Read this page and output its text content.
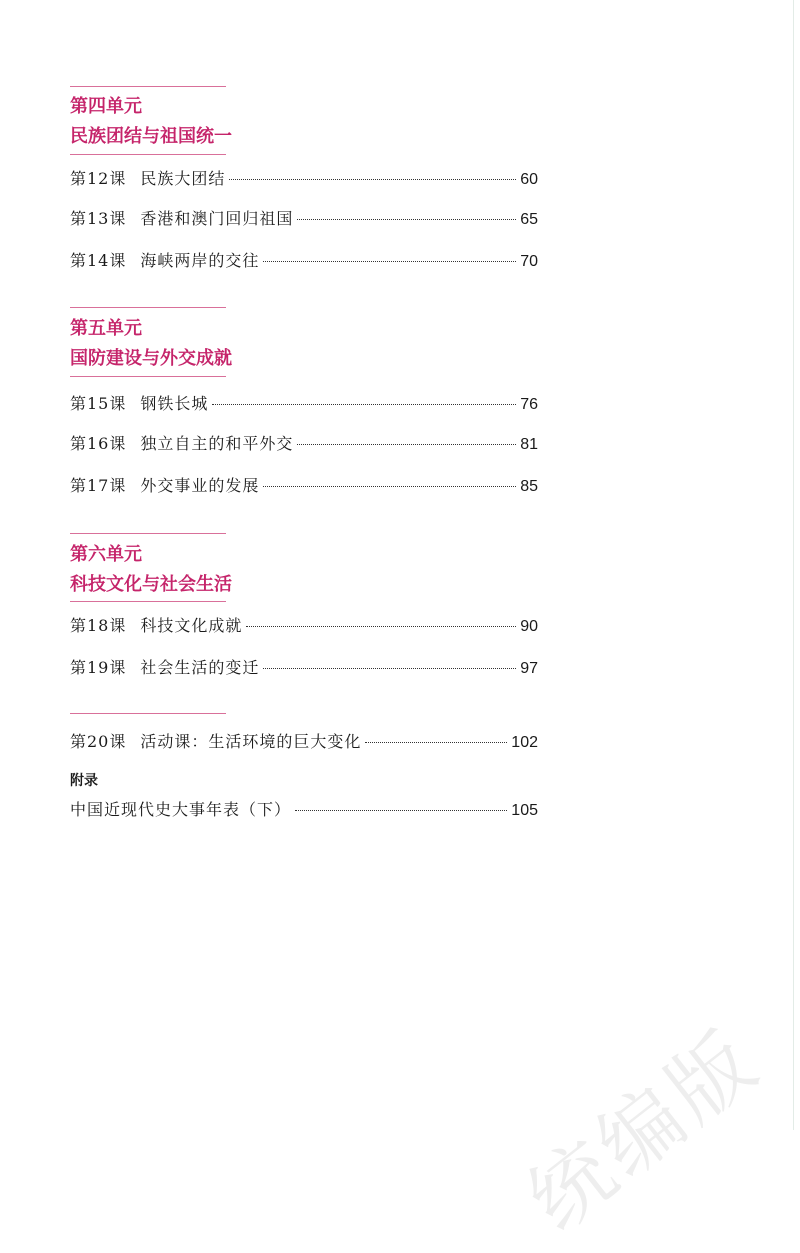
第四单元
民族团结与祖国统一
第12课 民族大团结	60
第13课 香港和澳门回归祖国	65
第14课 海峡两岸的交往	70
第五单元
国防建设与外交成就
第15课 钢铁长城	76
第16课 独立自主的和平外交	81
第17课 外交事业的发展	85
第六单元
科技文化与社会生活
第18课 科技文化成就	90
第19课 社会生活的变迁	97
第20课 活动课：生活环境的巨大变化	102
附录
中国近现代史大事年表（下）	105
统编版
